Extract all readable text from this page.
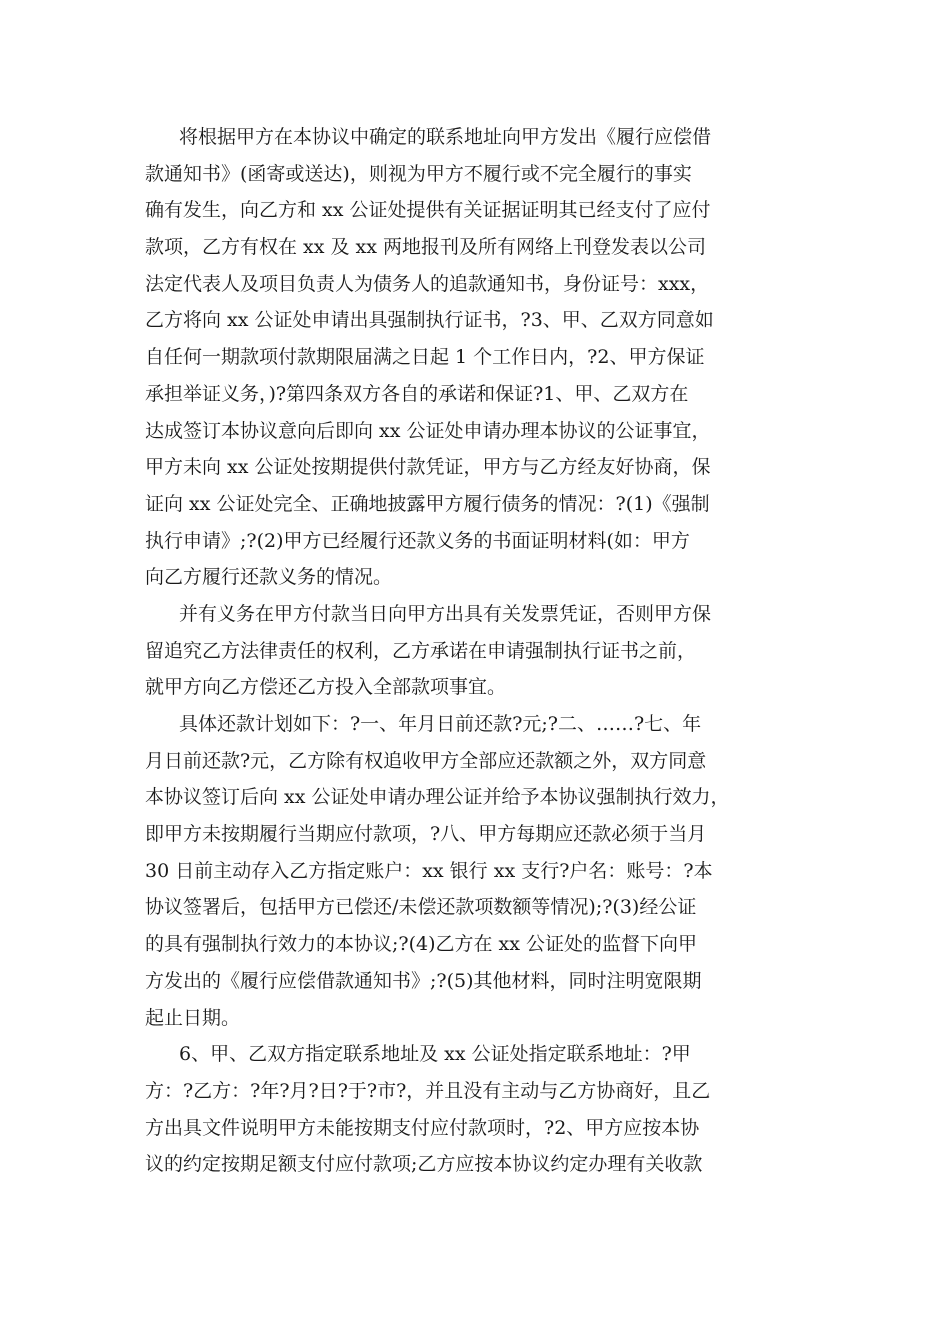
将根据甲方在本协议中确定的联系地址向甲方发出《履行应偿借
款通知书》(函寄或送达)，则视为甲方不履行或不完全履行的事实
确有发生，向乙方和 xx 公证处提供有关证据证明其已经支付了应付
款项，乙方有权在 xx 及 xx 两地报刊及所有网络上刊登发表以公司
法定代表人及项目负责人为债务人的追款通知书，身份证号：xxx，
乙方将向 xx 公证处申请出具强制执行证书，?3、甲、乙双方同意如
自任何一期款项付款期限届满之日起 1 个工作日内，?2、甲方保证
承担举证义务，)?第四条双方各自的承诺和保证?1、甲、乙双方在
达成签订本协议意向后即向 xx 公证处申请办理本协议的公证事宜，
甲方未向 xx 公证处按期提供付款凭证，甲方与乙方经友好协商，保
证向 xx 公证处完全、正确地披露甲方履行债务的情况：?(1)《强制
执行申请》;?(2)甲方已经履行还款义务的书面证明材料(如：甲方
向乙方履行还款义务的情况。
并有义务在甲方付款当日向甲方出具有关发票凭证，否则甲方保
留追究乙方法律责任的权利，乙方承诺在申请强制执行证书之前，
就甲方向乙方偿还乙方投入全部款项事宜。
具体还款计划如下：?一、年月日前还款?元;?二、……?七、年
月日前还款?元，乙方除有权追收甲方全部应还款额之外，双方同意
本协议签订后向 xx 公证处申请办理公证并给予本协议强制执行效力，
即甲方未按期履行当期应付款项，?八、甲方每期应还款必须于当月
30 日前主动存入乙方指定账户：xx 银行 xx 支行?户名：账号：?本
协议签署后，包括甲方已偿还/未偿还款项数额等情况);?(3)经公证
的具有强制执行效力的本协议;?(4)乙方在 xx 公证处的监督下向甲
方发出的《履行应偿借款通知书》;?(5)其他材料，同时注明宽限期
起止日期。
6、甲、乙双方指定联系地址及 xx 公证处指定联系地址：?甲
方：?乙方：?年?月?日?于?市?，并且没有主动与乙方协商好，且乙
方出具文件说明甲方未能按期支付应付款项时，?2、甲方应按本协
议的约定按期足额支付应付款项;乙方应按本协议约定办理有关收款
